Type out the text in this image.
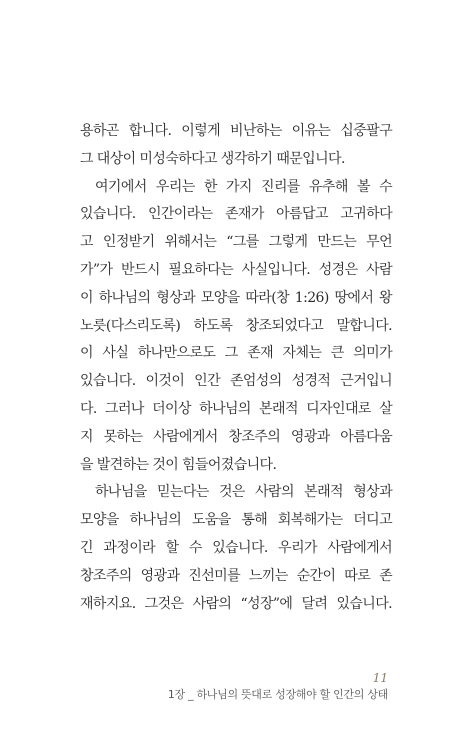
용하곤 합니다. 이렇게 비난하는 이유는 십중팔구
그 대상이 미성숙하다고 생각하기 때문입니다.
여기에서 우리는 한 가지 진리를 유추해 볼 수
있습니다. 인간이라는 존재가 아름답고 고귀하다
고 인정받기 위해서는 “그를 그렇게 만드는 무언
가”가 반드시 필요하다는 사실입니다. 성경은 사람
이 하나님의 형상과 모양을 따라(창 1:26) 땅에서 왕
노릇(다스리도록) 하도록 창조되었다고 말합니다.
이 사실 하나만으로도 그 존재 자체는 큰 의미가
있습니다. 이것이 인간 존엄성의 성경적 근거입니
다. 그러나 더이상 하나님의 본래적 디자인대로 살
지 못하는 사람에게서 창조주의 영광과 아름다움
을 발견하는 것이 힘들어졌습니다.
하나님을 믿는다는 것은 사람의 본래적 형상과
모양을 하나님의 도움을 통해 회복해가는 더디고
긴 과정이라 할 수 있습니다. 우리가 사람에게서
창조주의 영광과 진선미를 느끼는 순간이 따로 존
재하지요. 그것은 사람의 “성장”에 달려 있습니다.
11
1장 _ 하나님의 뜻대로 성장해야 할 인간의 상태
